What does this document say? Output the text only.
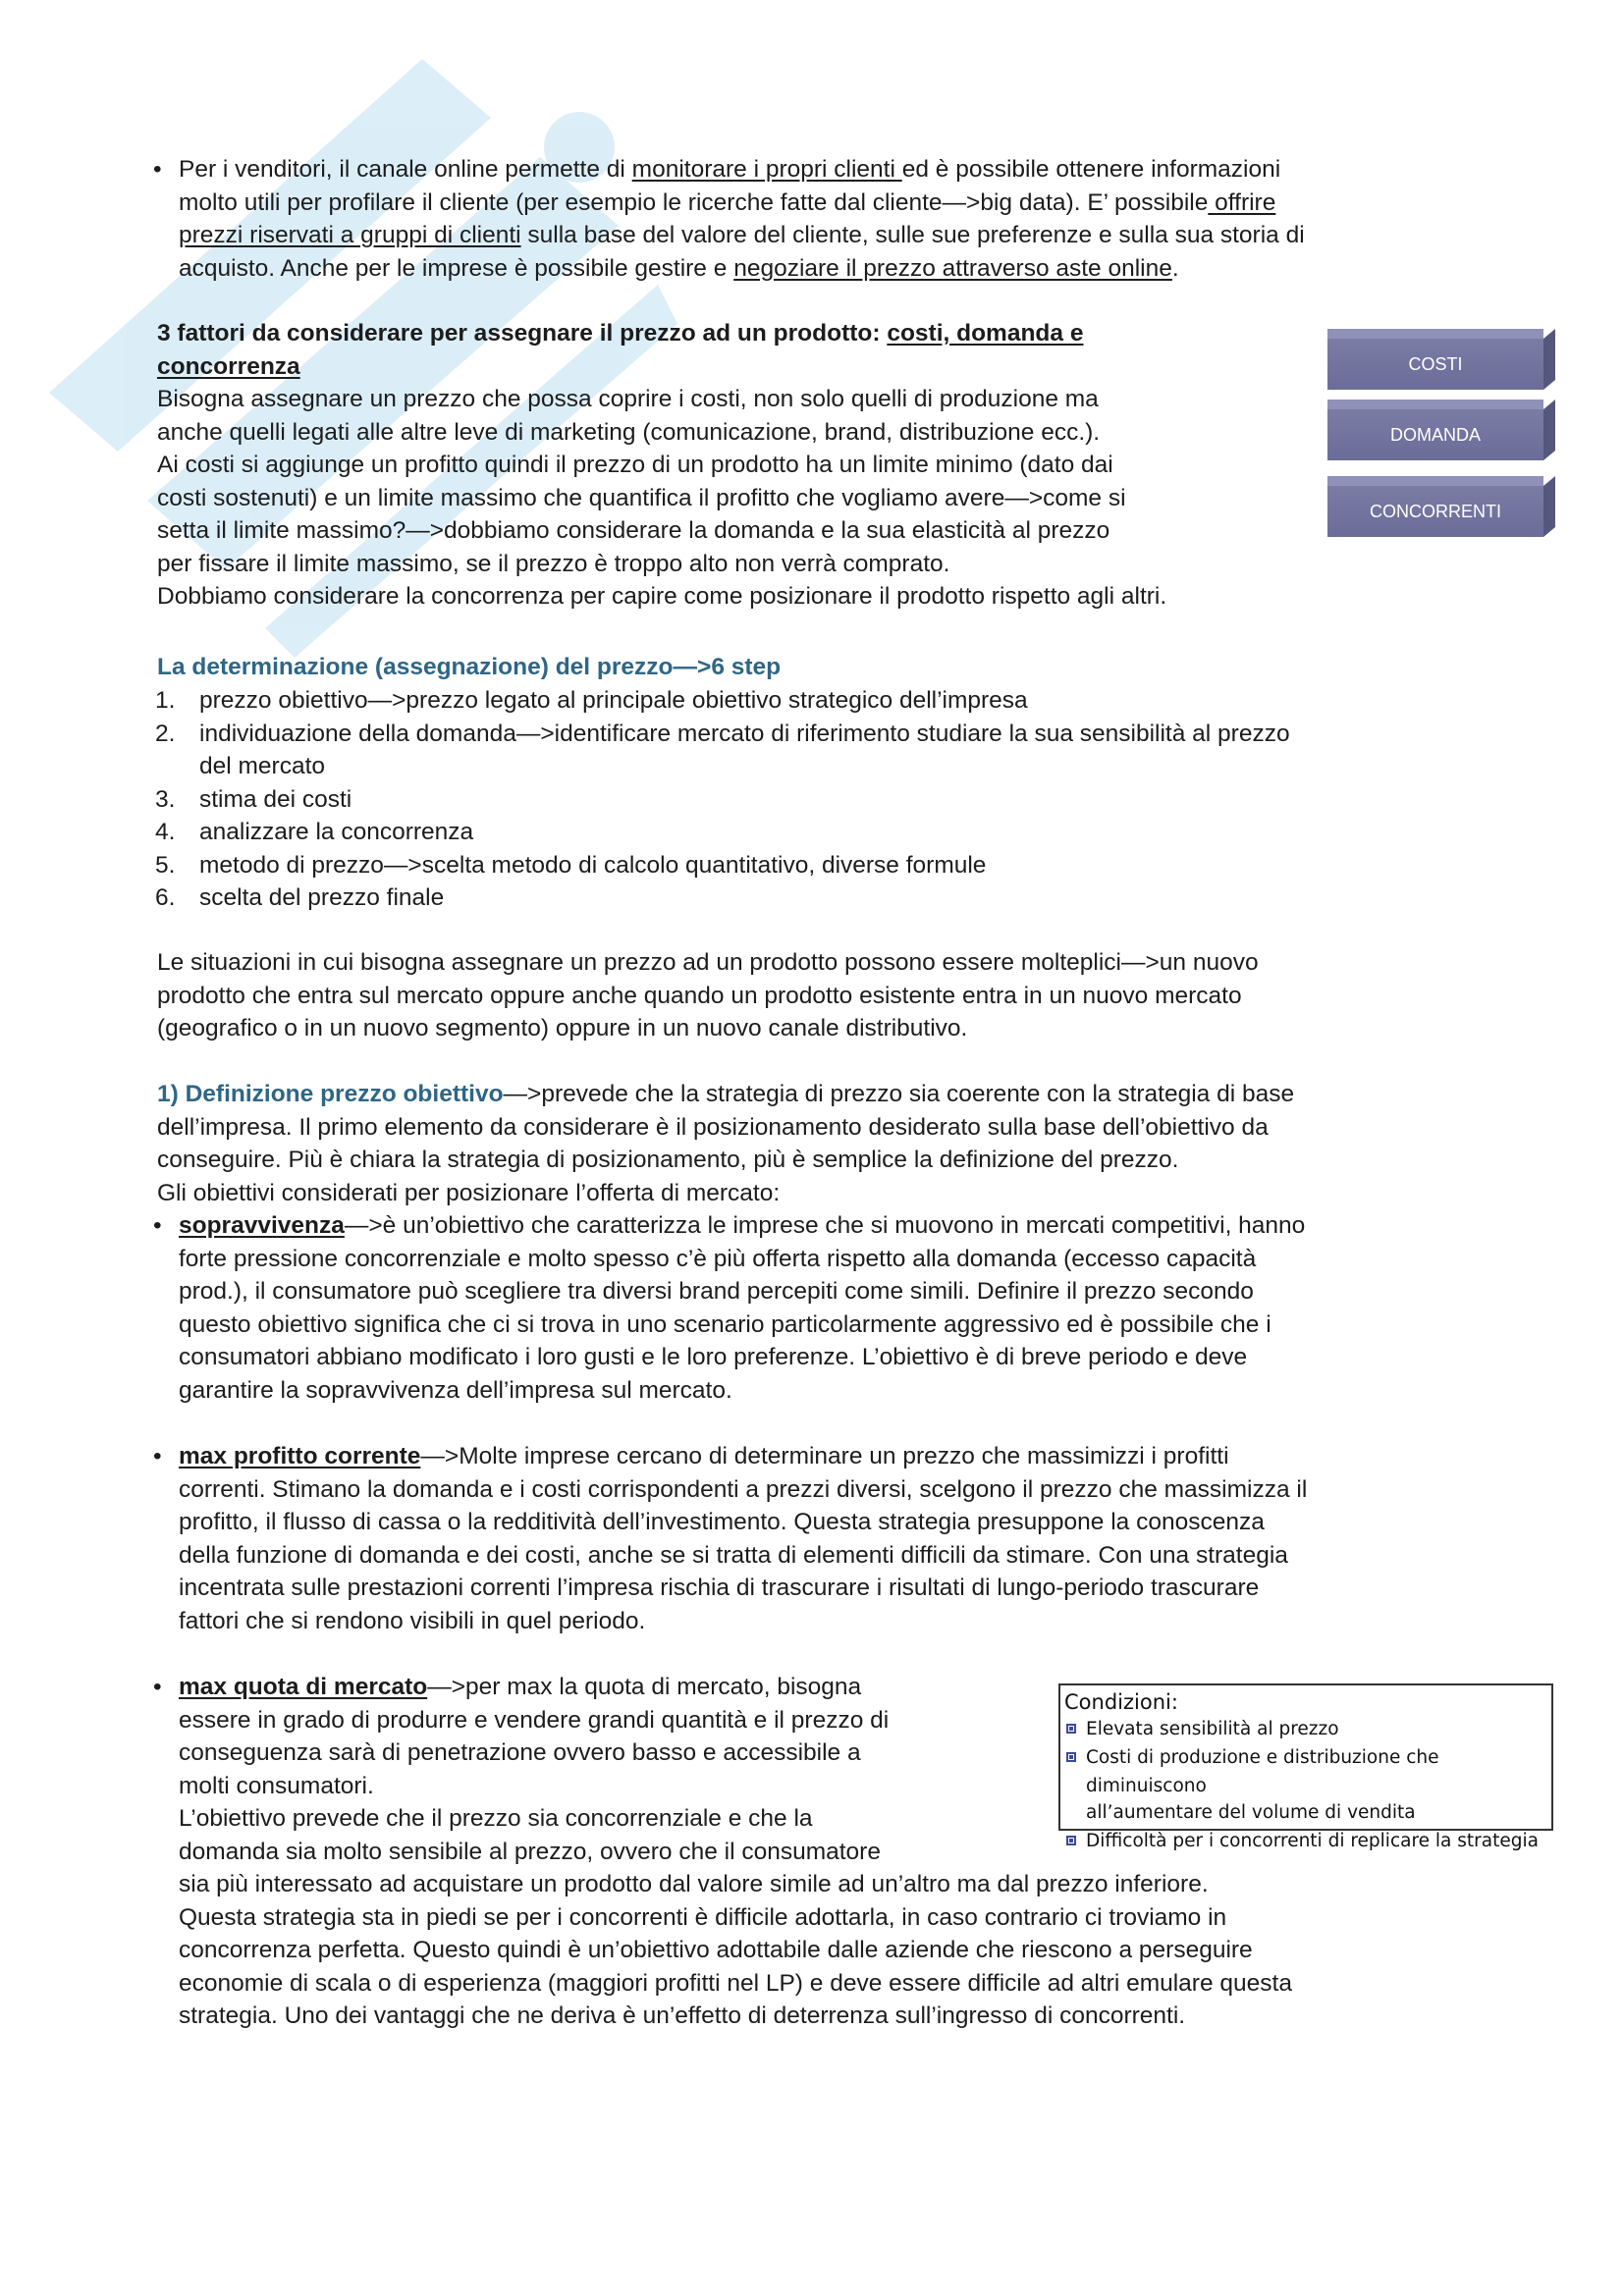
• Per i venditori, il canale online permette di monitorare i propri clienti ed è possibile ottenere informazioni
molto utili per profilare il cliente (per esempio le ricerche fatte dal cliente—>big data). E’ possibile offrire
prezzi riservati a gruppi di clienti sulla base del valore del cliente, sulle sue preferenze e sulla sua storia di
acquisto. Anche per le imprese è possibile gestire e negoziare il prezzo attraverso aste online.
3 fattori da considerare per assegnare il prezzo ad un prodotto: costi, domanda e
concorrenza
Bisogna assegnare un prezzo che possa coprire i costi, non solo quelli di produzione ma
anche quelli legati alle altre leve di marketing (comunicazione, brand, distribuzione ecc.).
Ai costi si aggiunge un profitto quindi il prezzo di un prodotto ha un limite minimo (dato dai
costi sostenuti) e un limite massimo che quantifica il profitto che vogliamo avere—>come si
setta il limite massimo?—>dobbiamo considerare la domanda e la sua elasticità al prezzo
per fissare il limite massimo, se il prezzo è troppo alto non verrà comprato.
Dobbiamo considerare la concorrenza per capire come posizionare il prodotto rispetto agli altri.
COSTI
DOMANDA
CONCORRENTI
La determinazione (assegnazione) del prezzo—>6 step
1. prezzo obiettivo—>prezzo legato al principale obiettivo strategico dell’impresa
2. individuazione della domanda—>identificare mercato di riferimento studiare la sua sensibilità al prezzo
del mercato
3. stima dei costi
4. analizzare la concorrenza
5. metodo di prezzo—>scelta metodo di calcolo quantitativo, diverse formule
6. scelta del prezzo finale
Le situazioni in cui bisogna assegnare un prezzo ad un prodotto possono essere molteplici—>un nuovo
prodotto che entra sul mercato oppure anche quando un prodotto esistente entra in un nuovo mercato
(geografico o in un nuovo segmento) oppure in un nuovo canale distributivo.
1) Definizione prezzo obiettivo—>prevede che la strategia di prezzo sia coerente con la strategia di base
dell’impresa. Il primo elemento da considerare è il posizionamento desiderato sulla base dell’obiettivo da
conseguire. Più è chiara la strategia di posizionamento, più è semplice la definizione del prezzo.
Gli obiettivi considerati per posizionare l’offerta di mercato:
• sopravvivenza—>è un’obiettivo che caratterizza le imprese che si muovono in mercati competitivi, hanno
forte pressione concorrenziale e molto spesso c’è più offerta rispetto alla domanda (eccesso capacità
prod.), il consumatore può scegliere tra diversi brand percepiti come simili. Definire il prezzo secondo
questo obiettivo significa che ci si trova in uno scenario particolarmente aggressivo ed è possibile che i
consumatori abbiano modificato i loro gusti e le loro preferenze. L’obiettivo è di breve periodo e deve
garantire la sopravvivenza dell’impresa sul mercato.
• max profitto corrente—>Molte imprese cercano di determinare un prezzo che massimizzi i profitti
correnti. Stimano la domanda e i costi corrispondenti a prezzi diversi, scelgono il prezzo che massimizza il
profitto, il flusso di cassa o la redditività dell’investimento. Questa strategia presuppone la conoscenza
della funzione di domanda e dei costi, anche se si tratta di elementi difficili da stimare. Con una strategia
incentrata sulle prestazioni correnti l’impresa rischia di trascurare i risultati di lungo-periodo trascurare
fattori che si rendono visibili in quel periodo.
• max quota di mercato—>per max la quota di mercato, bisogna
essere in grado di produrre e vendere grandi quantità e il prezzo di
conseguenza sarà di penetrazione ovvero basso e accessibile a
molti consumatori.
L’obiettivo prevede che il prezzo sia concorrenziale e che la
domanda sia molto sensibile al prezzo, ovvero che il consumatore
sia più interessato ad acquistare un prodotto dal valore simile ad un’altro ma dal prezzo inferiore.
Questa strategia sta in piedi se per i concorrenti è difficile adottarla, in caso contrario ci troviamo in
concorrenza perfetta. Questo quindi è un’obiettivo adottabile dalle aziende che riescono a perseguire
economie di scala o di esperienza (maggiori profitti nel LP) e deve essere difficile ad altri emulare questa
strategia. Uno dei vantaggi che ne deriva è un’effetto di deterrenza sull’ingresso di concorrenti.
Condizioni:
Elevata sensibilità al prezzo
Costi di produzione e distribuzione che diminuiscono
all’aumentare del volume di vendita
Difficoltà per i concorrenti di replicare la strategia
